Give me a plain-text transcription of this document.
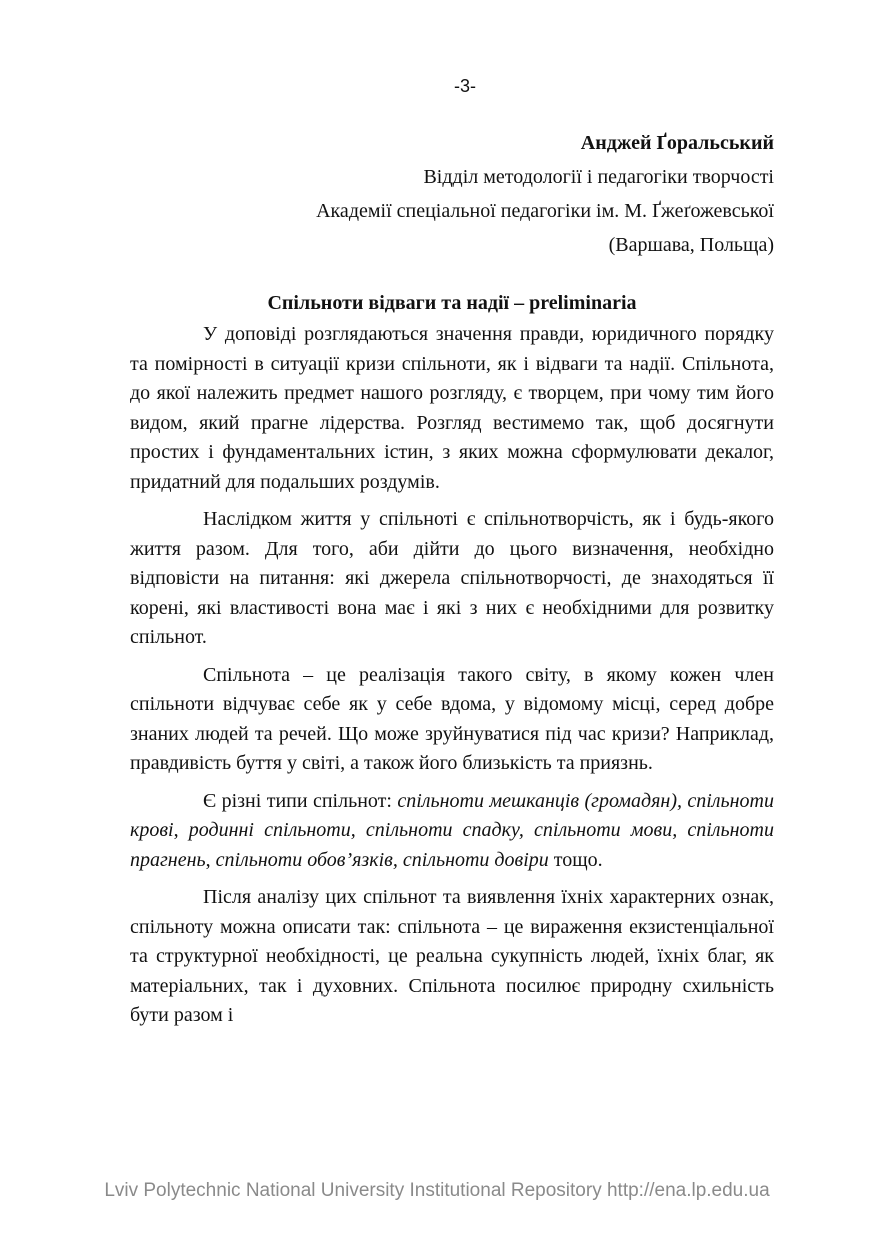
-3-
Анджей Ґоральський
Відділ методології і педагогіки творчості
Академії спеціальної педагогіки ім. М. Ґжеґожевської
(Варшава, Польща)
Спільноти відваги та надії – preliminaria

У доповіді розглядаються значення правди, юридичного порядку та помірності в ситуації кризи спільноти, як і відваги та надії. Спільнота, до якої належить предмет нашого розгляду, є творцем, при чому тим його видом, який прагне лідерства. Розгляд вестимемо так, щоб досягнути простих і фундаментальних істин, з яких можна сформулювати декалог, придатний для подальших роздумів.

Наслідком життя у спільноті є спільнотворчість, як і будь-якого життя разом. Для того, аби дійти до цього визначення, необхідно відповісти на питання: які джерела спільнотворчості, де знаходяться її корені, які властивості вона має і які з них є необхідними для розвитку спільнот.

Спільнота – це реалізація такого світу, в якому кожен член спільноти відчуває себе як у себе вдома, у відомому місці, серед добре знаних людей та речей. Що може зруйнуватися під час кризи? Наприклад, правдивість буття у світі, а також його близькість та приязнь.

Є різні типи спільнот: спільноти мешканців (громадян), спільноти крові, родинні спільноти, спільноти спадку, спільноти мови, спільноти прагнень, спільноти обов’язків, спільноти довіри тощо.

Після аналізу цих спільнот та виявлення їхніх характерних ознак, спільноту можна описати так: спільнота – це вираження екзистенціальної та структурної необхідності, це реальна сукупність людей, їхніх благ, як матеріальних, так і духовних. Спільнота посилює природну схильність бути разом і

Lviv Polytechnic National University Institutional Repository http://ena.lp.edu.ua
